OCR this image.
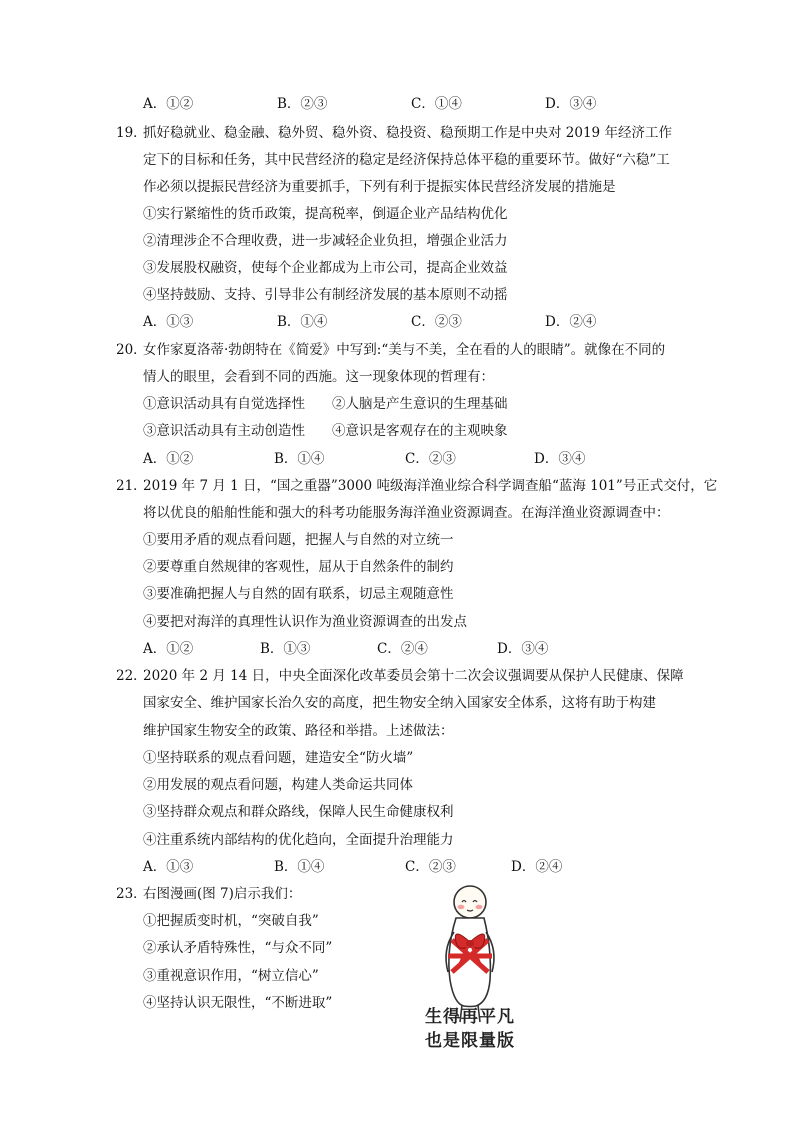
A．①②	B．②③	C．①④	D．③④
19．
抓好稳就业、稳金融、稳外贸、稳外资、稳投资、稳预期工作是中央对 2019 年经济工作
定下的目标和任务，其中民营经济的稳定是经济保持总体平稳的重要环节。做好“六稳”工
作必须以提振民营经济为重要抓手，下列有利于提振实体民营经济发展的措施是
①实行紧缩性的货币政策，提高税率，倒逼企业产品结构优化
②清理涉企不合理收费，进一步减轻企业负担，增强企业活力
③发展股权融资，使每个企业都成为上市公司，提高企业效益
④坚持鼓励、支持、引导非公有制经济发展的基本原则不动摇
A．①③	B．①④	C．②③	D．②④
20．
女作家夏洛蒂·勃朗特在《简爱》中写到:“美与不美，全在看的人的眼睛”。就像在不同的
情人的眼里，会看到不同的西施。这一现象体现的哲理有：
①意识活动具有自觉选择性　　②人脑是产生意识的生理基础
③意识活动具有主动创造性　　④意识是客观存在的主观映象
A．①②	B．①④	C．②③	D．③④
21．
2019 年 7 月 1 日，“国之重器”3000 吨级海洋渔业综合科学调查船“蓝海 101”号正式交付，它
将以优良的船舶性能和强大的科考功能服务海洋渔业资源调查。在海洋渔业资源调查中：
①要用矛盾的观点看问题，把握人与自然的对立统一
②要尊重自然规律的客观性，屈从于自然条件的制约
③要准确把握人与自然的固有联系，切忌主观随意性
④要把对海洋的真理性认识作为渔业资源调查的出发点
A．①②	B．①③	C．②④	D．③④
22．
2020 年 2 月 14 日，中央全面深化改革委员会第十二次会议强调要从保护人民健康、保障
国家安全、维护国家长治久安的高度，把生物安全纳入国家安全体系，这将有助于构建
维护国家生物安全的政策、路径和举措。上述做法：
①坚持联系的观点看问题，建造安全“防火墙”
②用发展的观点看问题，构建人类命运共同体
③坚持群众观点和群众路线，保障人民生命健康权利
④注重系统内部结构的优化趋向，全面提升治理能力
A．①③	B．①④	C．②③	D．②④
23．
右图漫画(图 7)启示我们：
①把握质变时机，“突破自我”
②承认矛盾特殊性，“与众不同”
③重视意识作用，“树立信心”
④坚持认识无限性，“不断进取”
生得再平凡
也是限量版
